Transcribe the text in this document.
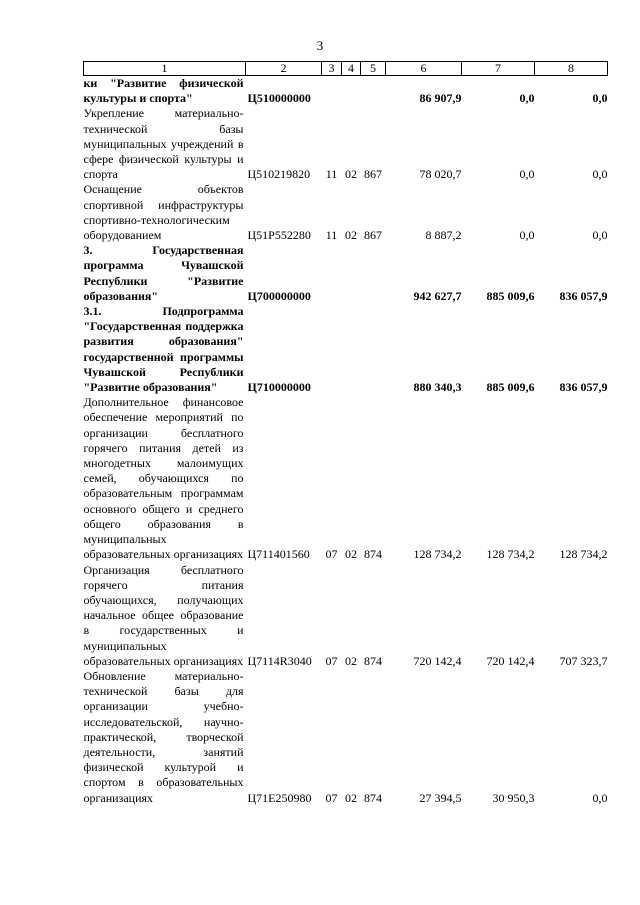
3
1	2	3	4	5	6	7	8
ки "Развитие физической культуры и спорта"	Ц510000000				86 907,9	0,0	0,0
Укрепление материально-технической базы муниципальных учреждений в сфере физической культуры и спорта	Ц510219820	11	02	867	78 020,7	0,0	0,0
Оснащение объектов спортивной инфраструктуры спортивно-технологическим оборудованием	Ц51P552280	11	02	867	8 887,2	0,0	0,0
3. Государственная программа Чувашской Республики "Развитие образования"	Ц700000000				942 627,7	885 009,6	836 057,9
3.1. Подпрограмма "Государственная поддержка развития образования" государственной программы Чувашской Республики "Развитие образования"	Ц710000000				880 340,3	885 009,6	836 057,9
Дополнительное финансовое обеспечение мероприятий по организации бесплатного горячего питания детей из многодетных малоимущих семей, обучающихся по образовательным программам основного общего и среднего общего образования в муниципальных образовательных организациях	Ц711401560	07	02	874	128 734,2	128 734,2	128 734,2
Организация бесплатного горячего питания обучающихся, получающих начальное общее образование в государственных и муниципальных образовательных организациях	Ц7114R3040	07	02	874	720 142,4	720 142,4	707 323,7
Обновление материально-технической базы для организации учебно-исследовательской, научно-практической, творческой деятельности, занятий физической культурой и спортом в образовательных организациях	Ц71E250980	07	02	874	27 394,5	30 950,3	0,0
